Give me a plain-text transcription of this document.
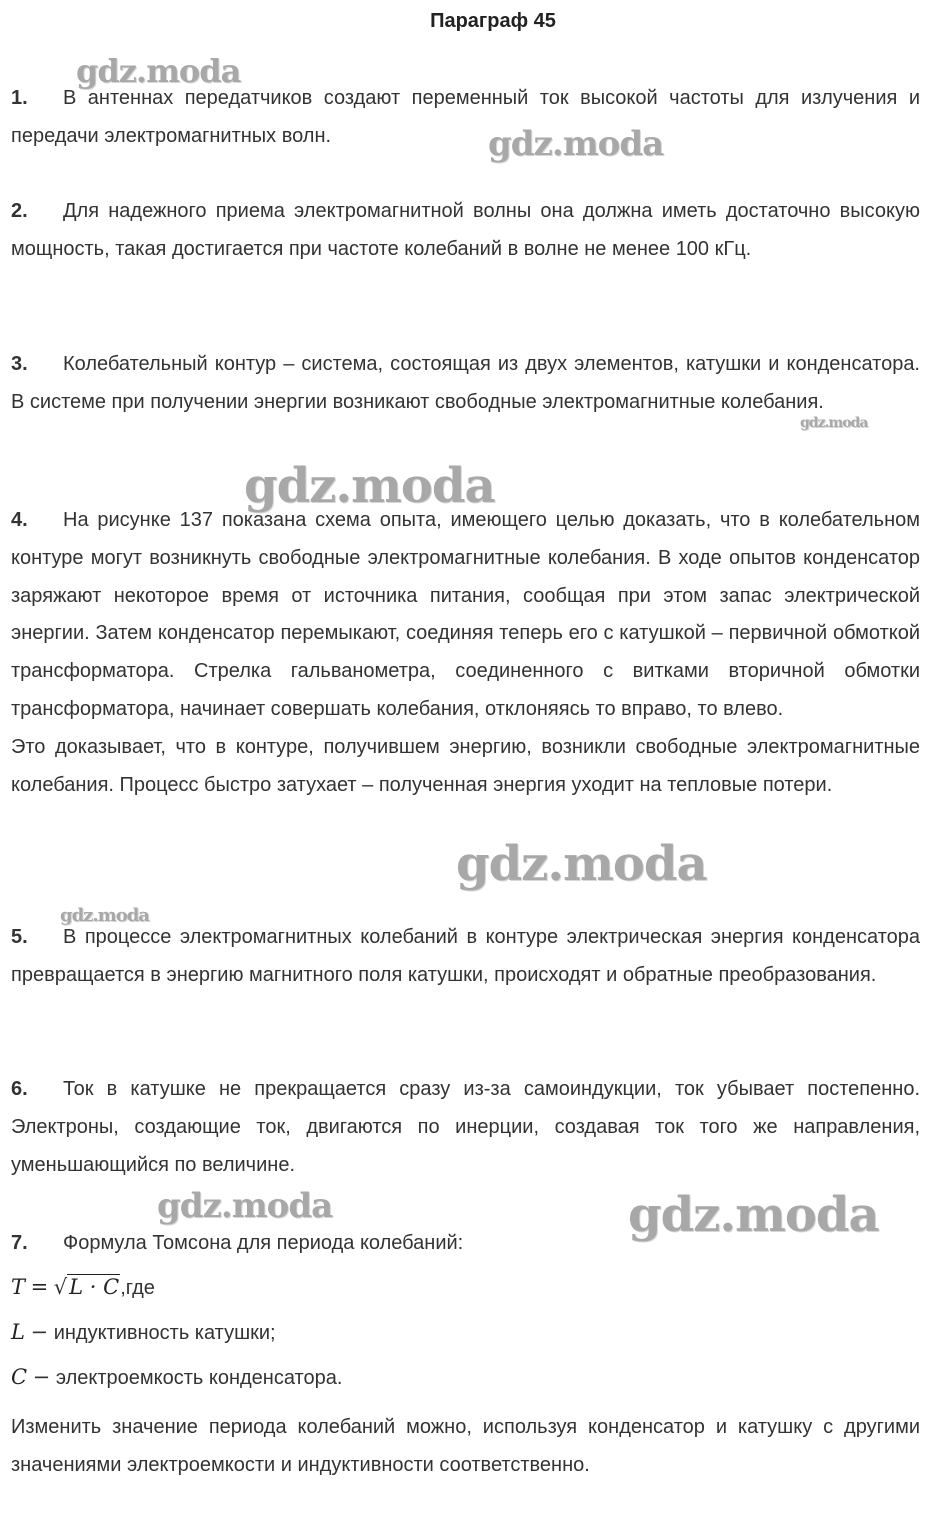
Параграф 45
1. В антеннах передатчиков создают переменный ток высокой частоты для излучения и передачи электромагнитных волн.
2. Для надежного приема электромагнитной волны она должна иметь достаточно высокую мощность, такая достигается при частоте колебаний в волне не менее 100 кГц.
3. Колебательный контур – система, состоящая из двух элементов, катушки и конденсатора. В системе при получении энергии возникают свободные электромагнитные колебания.
4. На рисунке 137 показана схема опыта, имеющего целью доказать, что в колебательном контуре могут возникнуть свободные электромагнитные колебания. В ходе опытов конденсатор заряжают некоторое время от источника питания, сообщая при этом запас электрической энергии. Затем конденсатор перемыкают, соединяя теперь его с катушкой – первичной обмоткой трансформатора. Стрелка гальванометра, соединенного с витками вторичной обмотки трансформатора, начинает совершать колебания, отклоняясь то вправо, то влево.
Это доказывает, что в контуре, получившем энергию, возникли свободные электромагнитные колебания. Процесс быстро затухает – полученная энергия уходит на тепловые потери.
5. В процессе электромагнитных колебаний в контуре электрическая энергия конденсатора превращается в энергию магнитного поля катушки, происходят и обратные преобразования.
6. Ток в катушке не прекращается сразу из-за самоиндукции, ток убывает постепенно. Электроны, создающие ток, двигаются по инерции, создавая ток того же направления, уменьшающийся по величине.
7. Формула Томсона для периода колебаний:
T = √L · C,где
L − индуктивность катушки;
C − электроемкость конденсатора.
Изменить значение периода колебаний можно, используя конденсатор и катушку с другими значениями электроемкости и индуктивности соответственно.
gdz.moda
gdz.moda
gdz.moda
gdz.moda
gdz.moda
gdz.moda
gdz.moda	gdz.moda
